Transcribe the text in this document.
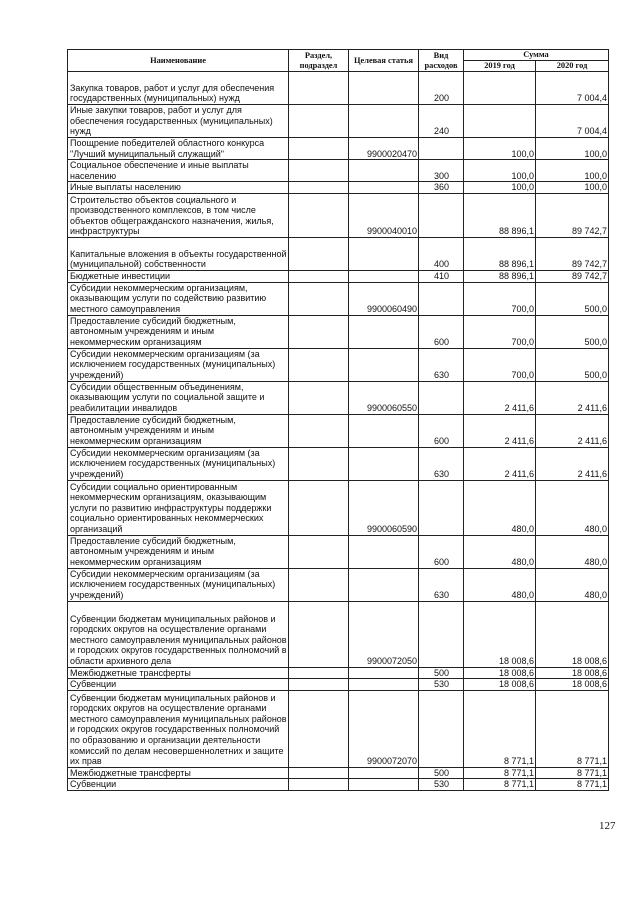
Наименование	Раздел, подраздел	Целевая статья	Вид расходов	Сумма	
				2019 год	2020 год
Закупка товаров, работ и услуг для обеспечения государственных (муниципальных) нужд			200		7 004,4
Иные закупки товаров, работ и услуг для обеспечения государственных (муниципальных) нужд			240		7 004,4
Поощрение победителей областного конкурса "Лучший муниципальный служащий"		9900020470		100,0	100,0
Социальное обеспечение и иные выплаты населению			300	100,0	100,0
Иные выплаты населению			360	100,0	100,0
Строительство объектов социального и производственного комплексов, в том числе объектов общегражданского назначения, жилья, инфраструктуры		9900040010		88 896,1	89 742,7
Капитальные вложения в объекты государственной (муниципальной) собственности			400	88 896,1	89 742,7
Бюджетные инвестиции			410	88 896,1	89 742,7
Субсидии некоммерческим организациям, оказывающим услуги по содействию развитию местного самоуправления		9900060490		700,0	500,0
Предоставление субсидий бюджетным, автономным учреждениям и иным некоммерческим организациям			600	700,0	500,0
Субсидии некоммерческим организациям (за исключением государственных (муниципальных) учреждений)			630	700,0	500,0
Субсидии общественным объединениям, оказывающим услуги по социальной защите и реабилитации инвалидов		9900060550		2 411,6	2 411,6
Предоставление субсидий бюджетным, автономным учреждениям и иным некоммерческим организациям			600	2 411,6	2 411,6
Субсидии некоммерческим организациям (за исключением государственных (муниципальных) учреждений)			630	2 411,6	2 411,6
Субсидии социально ориентированным некоммерческим организациям, оказывающим услуги по развитию инфраструктуры поддержки социально ориентированных некоммерческих организаций		9900060590		480,0	480,0
Предоставление субсидий бюджетным, автономным учреждениям и иным некоммерческим организациям			600	480,0	480,0
Субсидии некоммерческим организациям (за исключением государственных (муниципальных) учреждений)			630	480,0	480,0
Субвенции бюджетам муниципальных районов и городских округов на осуществление органами местного самоуправления муниципальных районов и городских округов государственных полномочий в области архивного дела		9900072050		18 008,6	18 008,6
Межбюджетные трансферты			500	18 008,6	18 008,6
Субвенции			530	18 008,6	18 008,6
Субвенции бюджетам муниципальных районов и городских округов на осуществление органами местного самоуправления муниципальных районов и городских округов государственных полномочий по образованию и организации деятельности комиссий по делам несовершеннолетних и защите их прав		9900072070		8 771,1	8 771,1
Межбюджетные трансферты			500	8 771,1	8 771,1
Субвенции			530	8 771,1	8 771,1
127
